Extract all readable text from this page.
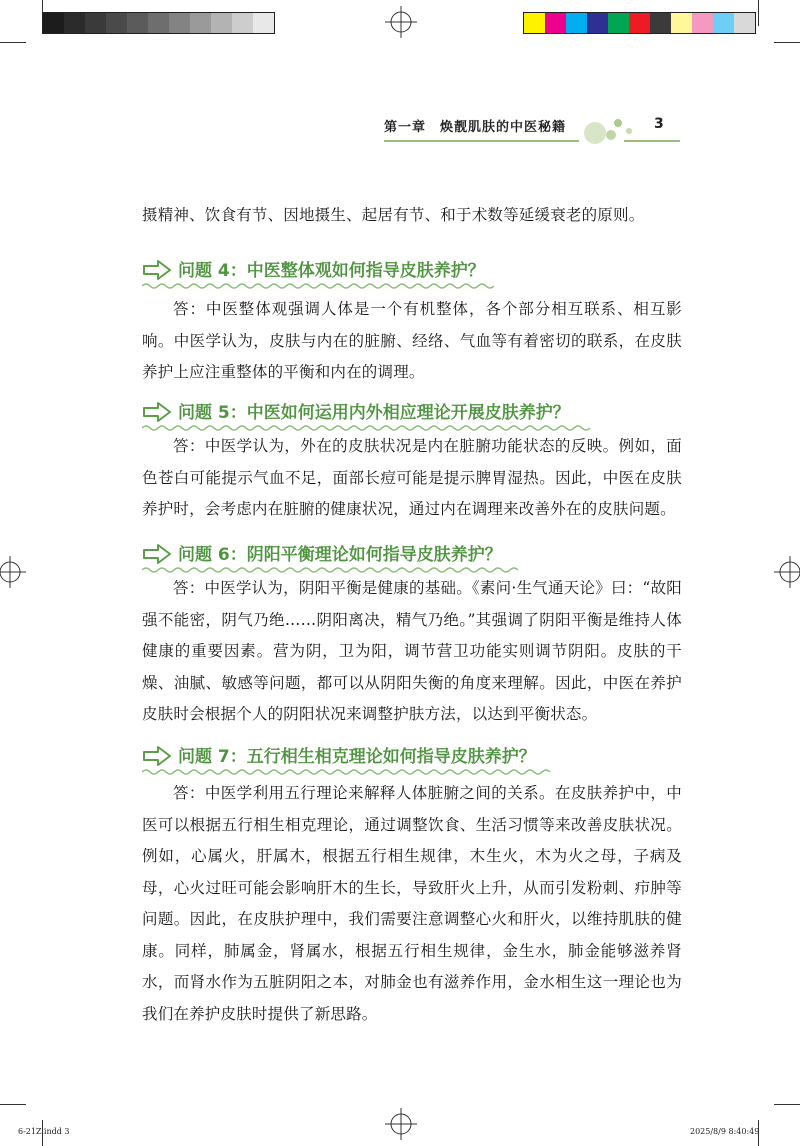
第一章　焕靓肌肤的中医秘籍	3
摄精神、饮食有节、因地摄生、起居有节、和于术数等延缓衰老的原则。
问题 4：中医整体观如何指导皮肤养护？
答：中医整体观强调人体是一个有机整体，各个部分相互联系、相互影响。中医学认为，皮肤与内在的脏腑、经络、气血等有着密切的联系，在皮肤养护上应注重整体的平衡和内在的调理。
问题 5：中医如何运用内外相应理论开展皮肤养护？
答：中医学认为，外在的皮肤状况是内在脏腑功能状态的反映。例如，面色苍白可能提示气血不足，面部长痘可能是提示脾胃湿热。因此，中医在皮肤养护时，会考虑内在脏腑的健康状况，通过内在调理来改善外在的皮肤问题。
问题 6：阴阳平衡理论如何指导皮肤养护？
答：中医学认为，阴阳平衡是健康的基础。《素问·生气通天论》曰：“故阳强不能密，阴气乃绝……阴阳离决，精气乃绝。”其强调了阴阳平衡是维持人体健康的重要因素。营为阴，卫为阳，调节营卫功能实则调节阴阳。皮肤的干燥、油腻、敏感等问题，都可以从阴阳失衡的角度来理解。因此，中医在养护皮肤时会根据个人的阴阳状况来调整护肤方法，以达到平衡状态。
问题 7：五行相生相克理论如何指导皮肤养护？
答：中医学利用五行理论来解释人体脏腑之间的关系。在皮肤养护中，中医可以根据五行相生相克理论，通过调整饮食、生活习惯等来改善皮肤状况。例如，心属火，肝属木，根据五行相生规律，木生火，木为火之母，子病及母，心火过旺可能会影响肝木的生长，导致肝火上升，从而引发粉刺、疖肿等问题。因此，在皮肤护理中，我们需要注意调整心火和肝火，以维持肌肤的健康。同样，肺属金，肾属水，根据五行相生规律，金生水，肺金能够滋养肾水，而肾水作为五脏阴阳之本，对肺金也有滋养作用，金水相生这一理论也为我们在养护皮肤时提供了新思路。
6-21Z.indd 3	2025/8/9 8:40:49
